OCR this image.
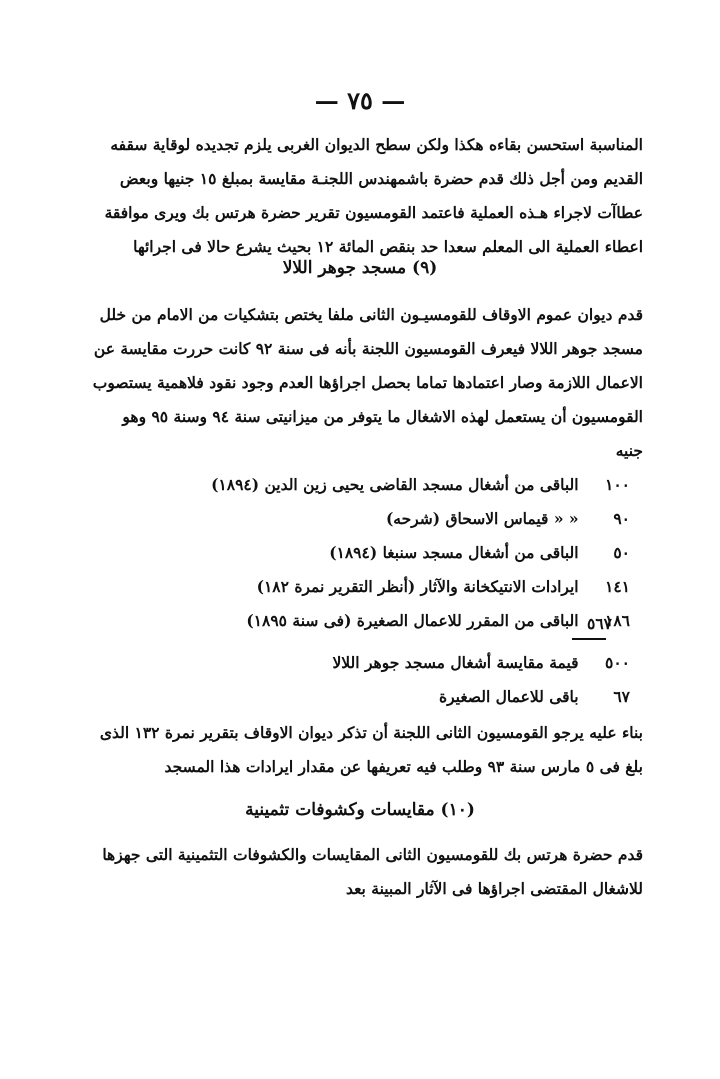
— ٧٥ —
المناسبة استحسن بقاءه هكذا ولكن سطح الديوان الغربى يلزم تجديده لوقاية سقفه
القديم ومن أجل ذلك قدم حضرة باشمهندس اللجنـة مقايسة بمبلغ ١٥ جنيها وبعض
عطاآت لاجراء هـذه العملية فاعتمد القومسيون تقرير حضرة هرتس بك ويرى موافقة
اعطاء العملية الى المعلم سعدا حد بنقص المائة ١٢ بحيث يشرع حالا فى اجرائها
(٩) مسجد جوهر اللالا
قدم ديوان عموم الاوقاف للقومسيـون الثانى ملفا يختص بتشكيات من الامام من خلل
مسجد جوهر اللالا فيعرف القومسيون اللجنة بأنه فى سنة ٩٢ كانت حررت مقايسة عن
الاعمال اللازمة وصار اعتمادها تماما بحصل اجراؤها العدم وجود نقود فلاهمية يستصوب
القومسيون أن يستعمل لهذه الاشغال ما يتوفر من ميزانيتى سنة ٩٤ وسنة ٩٥ وهو
جنيه
١٠٠ الباقى من أشغال مسجد القاضى يحيى زين الدين (١٨٩٤)
٩٠ « « قيماس الاسحاق (شرحه)
٥٠ الباقى من أشغال مسجد سنبغا (١٨٩٤)
١٤١ ايرادات الانتيكخانة والآثار (أنظر التقرير نمرة ١٨٢)
١٨٦ الباقى من المقرر للاعمال الصغيرة (فى سنة ١٨٩٥) ٥٦٧
٥٠٠ قيمة مقايسة أشغال مسجد جوهر اللالا
٦٧ باقى للاعمال الصغيرة
بناء عليه يرجو القومسيون الثانى اللجنة أن تذكر ديوان الاوقاف بتقرير نمرة ١٣٢ الذى
بلغ فى ٥ مارس سنة ٩٣ وطلب فيه تعريفها عن مقدار ايرادات هذا المسجد
(١٠) مقايسات وكشوفات تثمينية
قدم حضرة هرتس بك للقومسيون الثانى المقايسات والكشوفات التثمينية التى جهزها
للاشغال المقتضى اجراؤها فى الآثار المبينة بعد
